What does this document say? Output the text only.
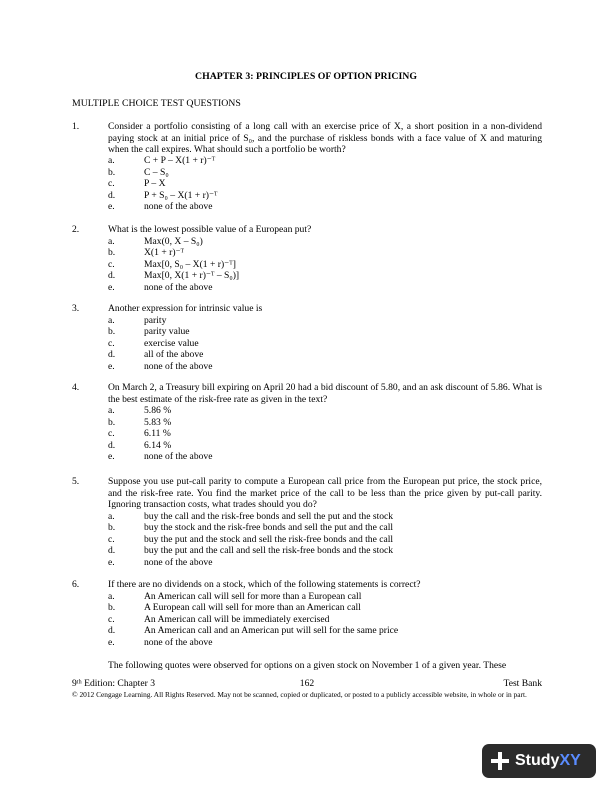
CHAPTER 3: PRINCIPLES OF OPTION PRICING
MULTIPLE CHOICE TEST QUESTIONS
1.	Consider a portfolio consisting of a long call with an exercise price of X, a short position in a non-dividend paying stock at an initial price of S₀, and the purchase of riskless bonds with a face value of X and maturing when the call expires. What should such a portfolio be worth?
a.	C + P – X(1 + r)⁻ᵀ
b.	C – S₀
c.	P – X
d.	P + S₀ – X(1 + r)⁻ᵀ
e.	none of the above
2.	What is the lowest possible value of a European put?
a.	Max(0, X – S₀)
b.	X(1 + r)⁻ᵀ
c.	Max[0, S₀ – X(1 + r)⁻ᵀ]
d.	Max[0, X(1 + r)⁻ᵀ – S₀)]
e.	none of the above
3.	Another expression for intrinsic value is
a.	parity
b.	parity value
c.	exercise value
d.	all of the above
e.	none of the above
4.	On March 2, a Treasury bill expiring on April 20 had a bid discount of 5.80, and an ask discount of 5.86. What is the best estimate of the risk-free rate as given in the text?
a.	5.86 %
b.	5.83 %
c.	6.11 %
d.	6.14 %
e.	none of the above
5.	Suppose you use put-call parity to compute a European call price from the European put price, the stock price, and the risk-free rate. You find the market price of the call to be less than the price given by put-call parity. Ignoring transaction costs, what trades should you do?
a.	buy the call and the risk-free bonds and sell the put and the stock
b.	buy the stock and the risk-free bonds and sell the put and the call
c.	buy the put and the stock and sell the risk-free bonds and the call
d.	buy the put and the call and sell the risk-free bonds and the stock
e.	none of the above
6.	If there are no dividends on a stock, which of the following statements is correct?
a.	An American call will sell for more than a European call
b.	A European call will sell for more than an American call
c.	An American call will be immediately exercised
d.	An American call and an American put will sell for the same price
e.	none of the above
The following quotes were observed for options on a given stock on November 1 of a given year. These
9ᵗʰ Edition: Chapter 3	162	Test Bank
© 2012 Cengage Learning. All Rights Reserved. May not be scanned, copied or duplicated, or posted to a publicly accessible website, in whole or in part.
StudyXY
